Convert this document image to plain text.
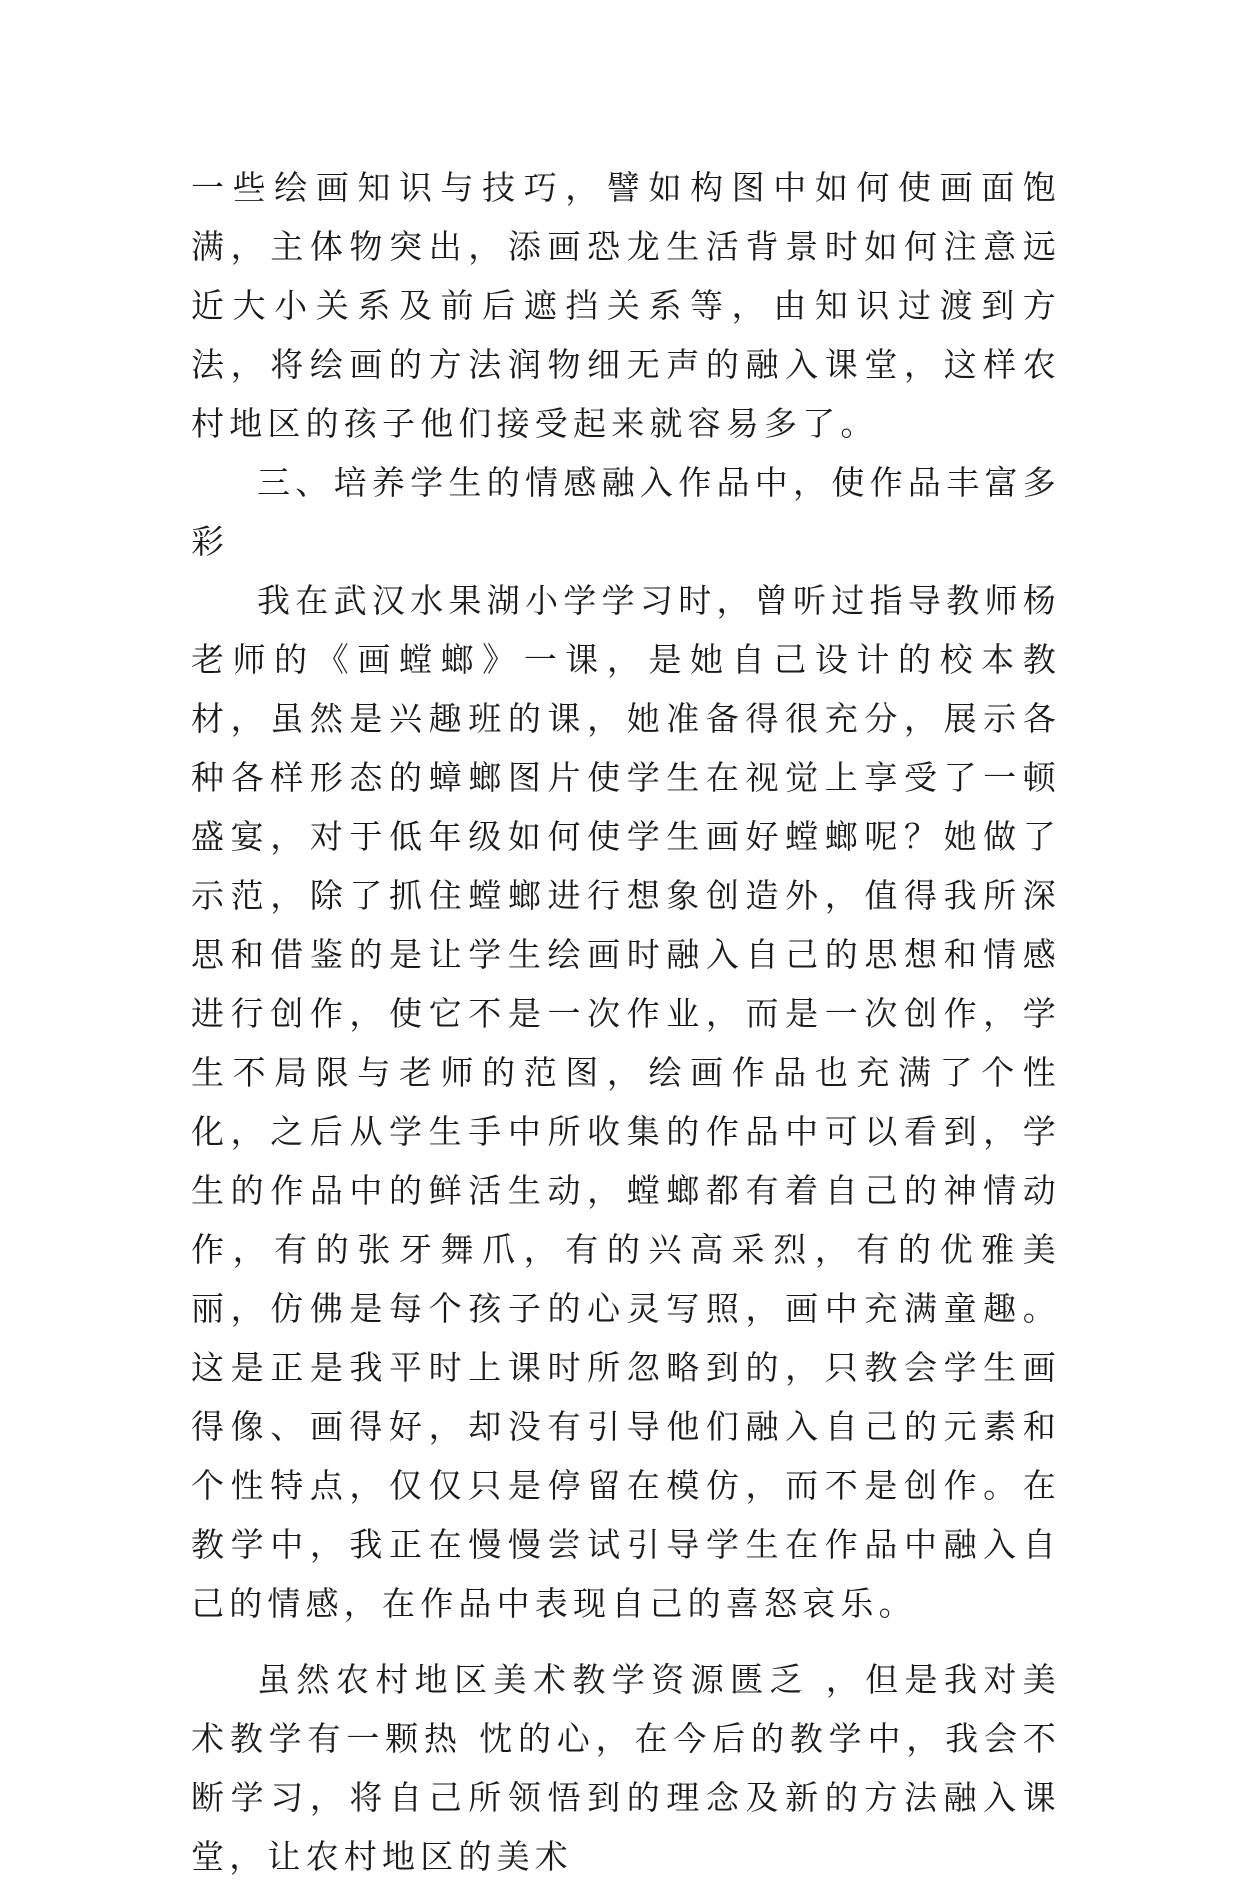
一些绘画知识与技巧，譬如构图中如何使画面饱满，主体物突出，添画恐龙生活背景时如何注意远近大小关系及前后遮挡关系等，由知识过渡到方法，将绘画的方法润物细无声的融入课堂，这样农村地区的孩子他们接受起来就容易多了。

三、培养学生的情感融入作品中，使作品丰富多彩

我在武汉水果湖小学学习时，曾听过指导教师杨老师的《画螳螂》一课，是她自己设计的校本教材，虽然是兴趣班的课，她准备得很充分，展示各种各样形态的蟑螂图片使学生在视觉上享受了一顿盛宴，对于低年级如何使学生画好螳螂呢？她做了示范，除了抓住螳螂进行想象创造外，值得我所深思和借鉴的是让学生绘画时融入自己的思想和情感进行创作，使它不是一次作业，而是一次创作，学生不局限与老师的范图，绘画作品也充满了个性化，之后从学生手中所收集的作品中可以看到，学生的作品中的鲜活生动，螳螂都有着自己的神情动作，有的张牙舞爪，有的兴高采烈，有的优雅美丽，仿佛是每个孩子的心灵写照，画中充满童趣。这是正是我平时上课时所忽略到的，只教会学生画得像、画得好，却没有引导他们融入自己的元素和个性特点，仅仅只是停留在模仿，而不是创作。在教学中，我正在慢慢尝试引导学生在作品中融入自己的情感，在作品中表现自己的喜怒哀乐。

虽然农村地区美术教学资源匮乏 ，但是我对美术教学有一颗热 忱的心，在今后的教学中，我会不断学习，将自己所领悟到的理念及新的方法融入课堂，让农村地区的美术
